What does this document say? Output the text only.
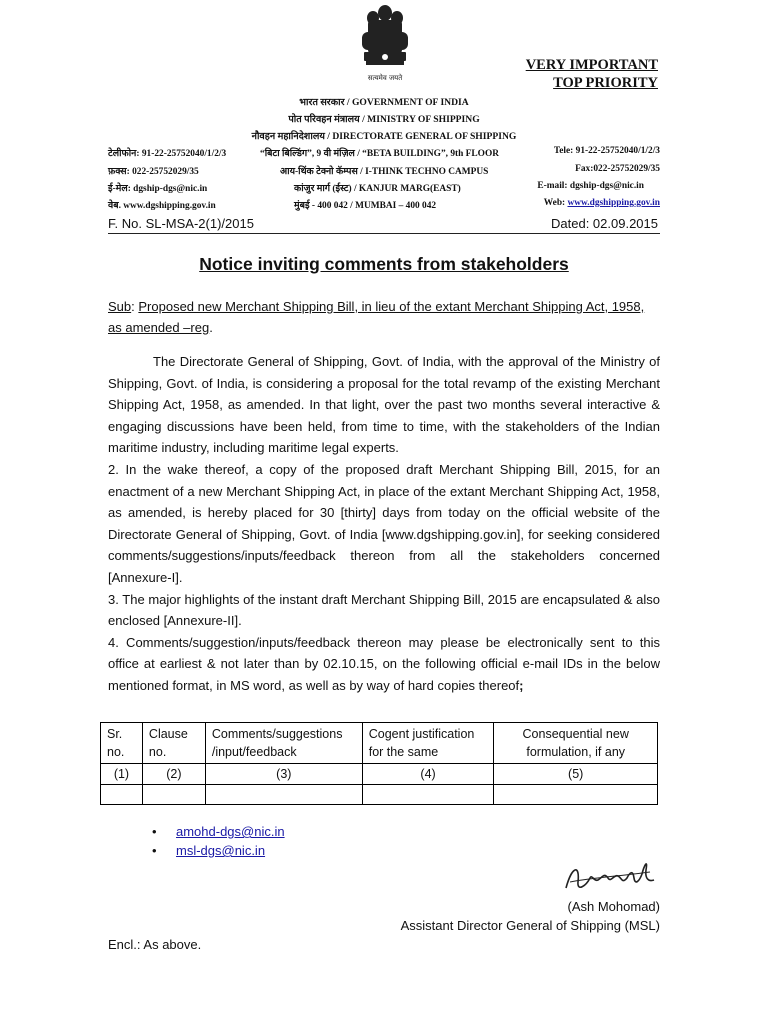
सत्यमेव जयते
VERY IMPORTANT
TOP PRIORITY
भारत सरकार / GOVERNMENT OF INDIA
पोत परिवहन मंत्रालय / MINISTRY OF SHIPPING
नौवहन महानिदेशालय / DIRECTORATE GENERAL OF SHIPPING
टेलीफोन: 91-22-25752040/1/2/3	“बिटा बिल्डिंग”, 9 वी मंज़िल / “BETA BUILDING”, 9th FLOOR	Tele: 91-22-25752040/1/2/3
फ़क्स: 022-25752029/35	आय-थिंक टेक्नो कॅम्पस / I-THINK TECHNO CAMPUS	Fax:022-25752029/35
ई-मेल: dgship-dgs@nic.in	कांजुर मार्ग (ईस्ट) / KANJUR MARG(EAST)	E-mail: dgship-dgs@nic.in
वेब. www.dgshipping.gov.in	मुंबई - 400 042 / MUMBAI – 400 042	Web: www.dgshipping.gov.in
F. No. SL-MSA-2(1)/2015	Dated: 02.09.2015
Notice inviting comments from stakeholders
Sub: Proposed new Merchant Shipping Bill, in lieu of the extant Merchant Shipping Act, 1958, as amended –reg.

The Directorate General of Shipping, Govt. of India, with the approval of the Ministry of Shipping, Govt. of India, is considering a proposal for the total revamp of the existing Merchant Shipping Act, 1958, as amended. In that light, over the past two months several interactive & engaging discussions have been held, from time to time, with the stakeholders of the Indian maritime industry, including maritime legal experts.

2. In the wake thereof, a copy of the proposed draft Merchant Shipping Bill, 2015, for an enactment of a new Merchant Shipping Act, in place of the extant Merchant Shipping Act, 1958, as amended, is hereby placed for 30 [thirty] days from today on the official website of the Directorate General of Shipping, Govt. of India [www.dgshipping.gov.in], for seeking considered comments/suggestions/inputs/feedback thereon from all the stakeholders concerned [Annexure-I].

3. The major highlights of the instant draft Merchant Shipping Bill, 2015 are encapsulated & also enclosed [Annexure-II].

4. Comments/suggestion/inputs/feedback thereon may please be electronically sent to this office at earliest & not later than by 02.10.15, on the following official e-mail IDs in the below mentioned format, in MS word, as well as by way of hard copies thereof;

Sr. no.	Clause no.	Comments/suggestions /input/feedback	Cogent justification for the same	Consequential new formulation, if any
(1)	(2)	(3)	(4)	(5)

• amohd-dgs@nic.in
• msl-dgs@nic.in
(Ash Mohomad)
Assistant Director General of Shipping (MSL)
Encl.: As above.
